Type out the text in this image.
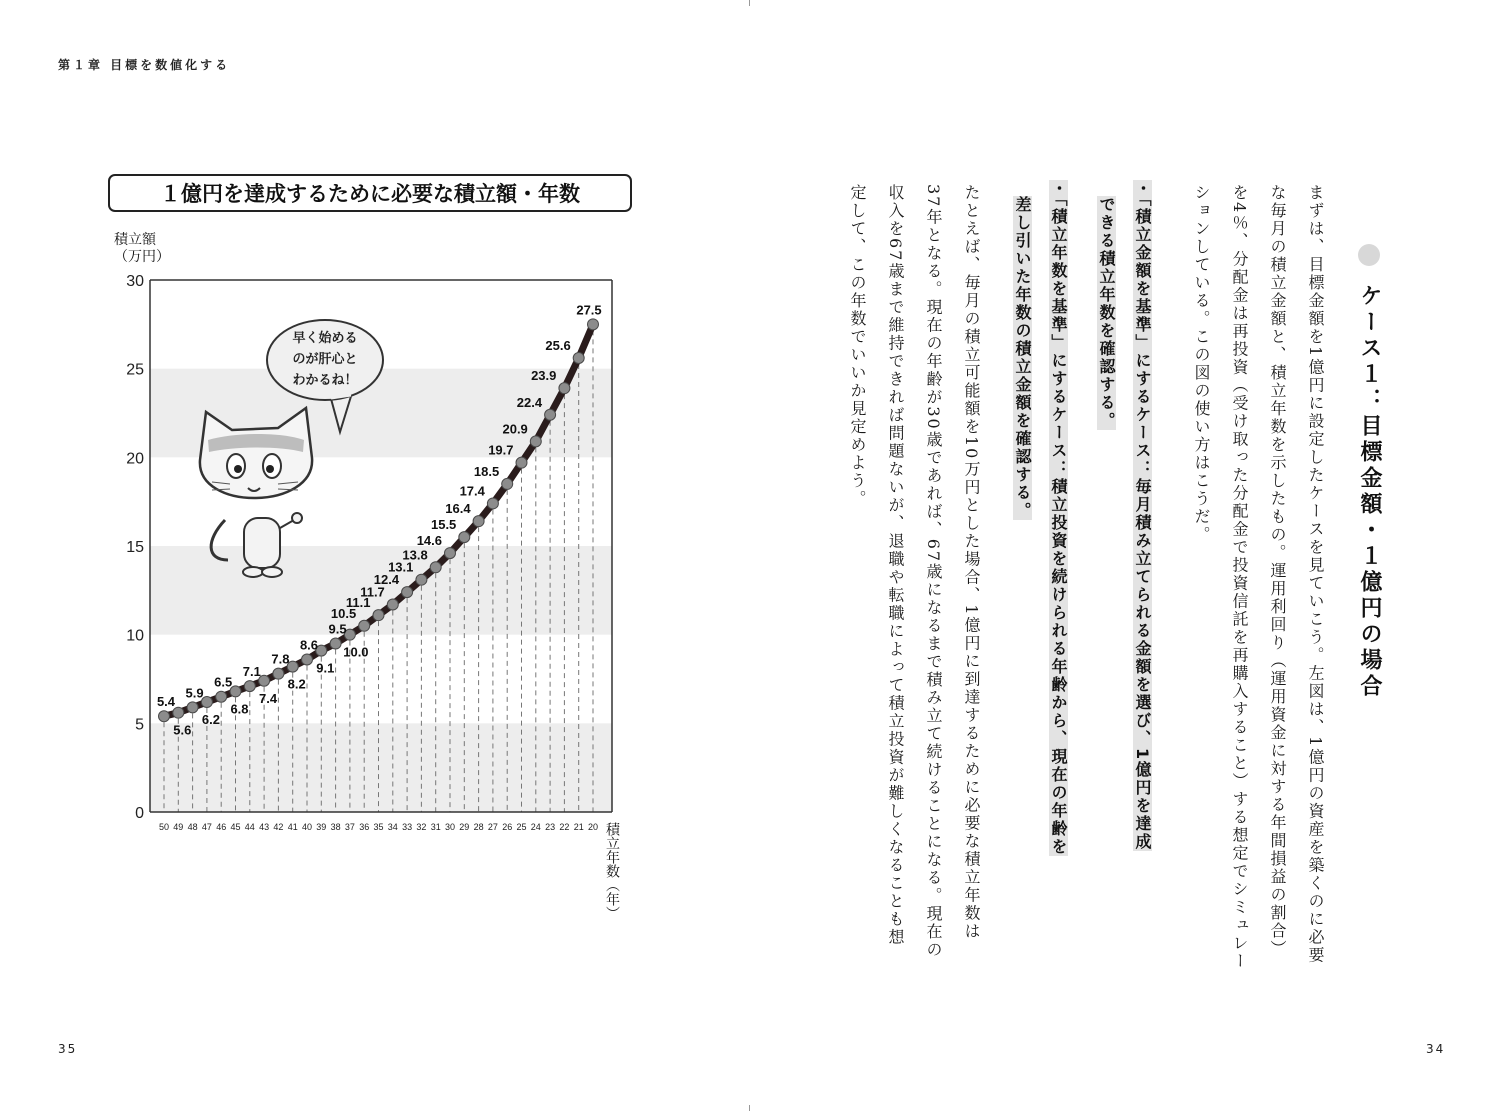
第１章 目標を数値化する
35	34
１億円を達成するために必要な積立額・年数
積立額
（万円）
積立年数（年）
0
5
10
15
20
25
30
50 49 48 47 46 45 44 43 42 41 40 39 38 37 36 35 34 33 32 31 30 29 28 27 26 25 24 23 22 21 20
5.4
5.6
5.9
6.2
6.5
6.8
7.1
7.4
7.8
8.2
8.6
9.1
9.5
10.0
10.5
11.1
11.7
12.4
13.1
13.8
14.6
15.5
16.4
17.4
18.5
19.7
20.9
22.4
23.9
25.6
27.5
早く始める
のが肝心と
わかるね！	ケース１：目標金額・１億円の場合
まずは、目標金額を1億円に設定したケースを見ていこう。左図は、1億円の資産を築くのに必要な毎月の積立金額と、積立年数を示したもの。運用利回り（運用資金に対する年間損益の割合）を4％、分配金は再投資（受け取った分配金で投資信託を再購入すること）する想定でシミュレーションしている。この図の使い方はこうだ。
・「積立金額を基準」にするケース：毎月積み立てられる金額を選び、1億円を達成
できる積立年数を確認する。
・「積立年数を基準」にするケース：積立投資を続けられる年齢から、現在の年齢を
差し引いた年数の積立金額を確認する。
たとえば、毎月の積立可能額を10万円とした場合、1億円に到達するために必要な積立年数は37年となる。現在の年齢が30歳であれば、67歳になるまで積み立て続けることになる。現在の収入を67歳まで維持できれば問題ないが、退職や転職によって積立投資が難しくなることも想定して、この年数でいいか見定めよう。
